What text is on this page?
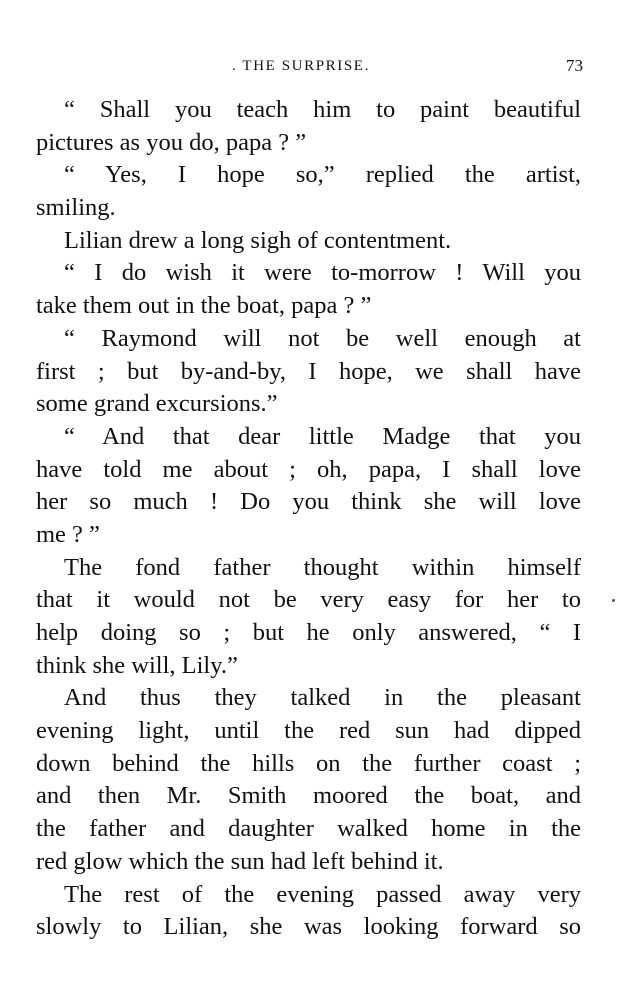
. THE SURPRISE.	73
“ Shall you teach him to paint beautiful
pictures as you do, papa ? ”
“ Yes, I hope so,” replied the artist,
smiling.
Lilian drew a long sigh of contentment.
“ I do wish it were to-morrow ! Will you
take them out in the boat, papa ? ”
“ Raymond will not be well enough at
first ; but by-and-by, I hope, we shall have
some grand excursions.”
“ And that dear little Madge that you
have told me about ; oh, papa, I shall love
her so much ! Do you think she will love
me ? ”
The fond father thought within himself
that it would not be very easy for her to
help doing so ; but he only answered, “ I
think she will, Lily.”
And thus they talked in the pleasant
evening light, until the red sun had dipped
down behind the hills on the further coast ;
and then Mr. Smith moored the boat, and
the father and daughter walked home in the
red glow which the sun had left behind it.
The rest of the evening passed away very
slowly to Lilian, she was looking forward so
